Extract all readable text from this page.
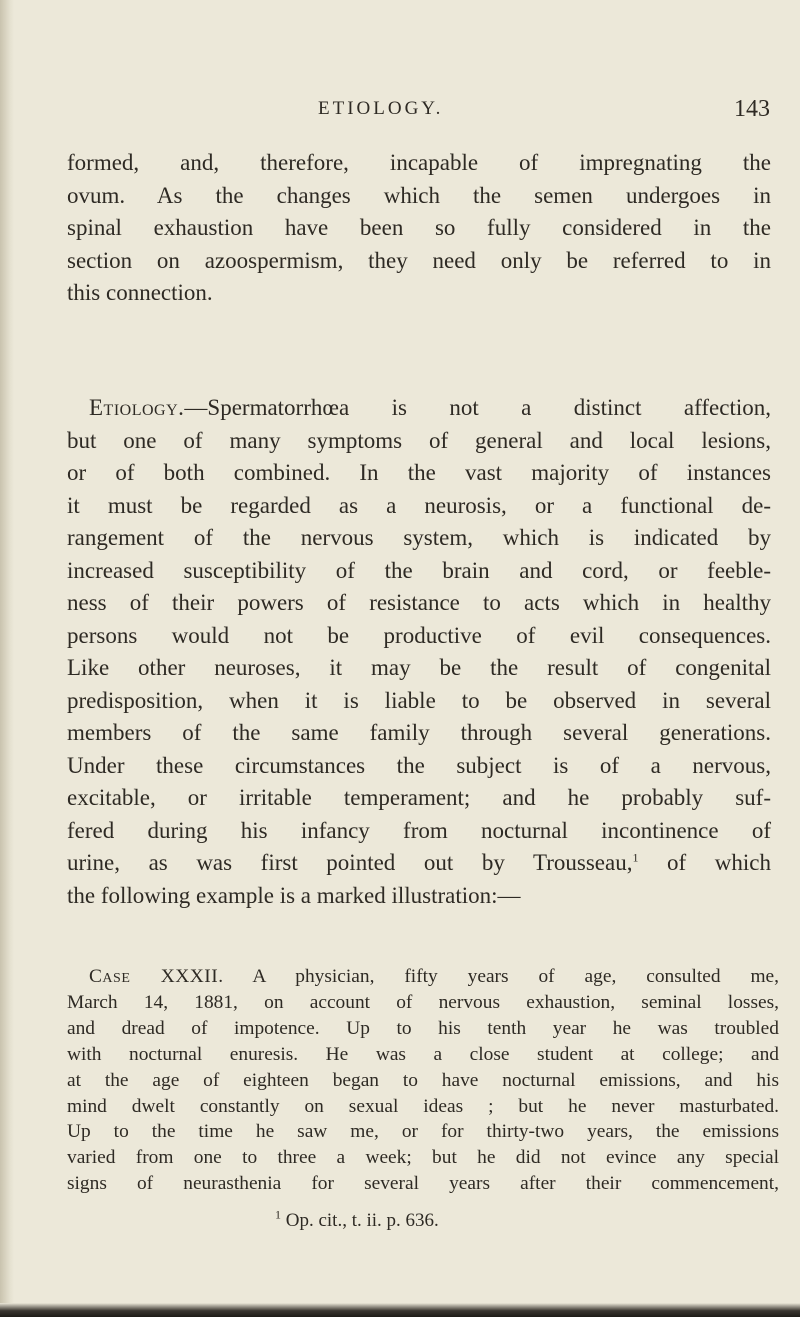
ETIOLOGY.	143

formed, and, therefore, incapable of impregnating the
ovum. As the changes which the semen undergoes in
spinal exhaustion have been so fully considered in the
section on azoospermism, they need only be referred to in
this connection.

Etiology.—Spermatorrhœa is not a distinct affection,
but one of many symptoms of general and local lesions,
or of both combined. In the vast majority of instances
it must be regarded as a neurosis, or a functional de-
rangement of the nervous system, which is indicated by
increased susceptibility of the brain and cord, or feeble-
ness of their powers of resistance to acts which in healthy
persons would not be productive of evil consequences.
Like other neuroses, it may be the result of congenital
predisposition, when it is liable to be observed in several
members of the same family through several generations.
Under these circumstances the subject is of a nervous,
excitable, or irritable temperament; and he probably suf-
fered during his infancy from nocturnal incontinence of
urine, as was first pointed out by Trousseau,$^1$ of which
the following example is a marked illustration:—

Case XXXII. A physician, fifty years of age, consulted me,
March 14, 1881, on account of nervous exhaustion, seminal losses,
and dread of impotence. Up to his tenth year he was troubled
with nocturnal enuresis. He was a close student at college; and
at the age of eighteen began to have nocturnal emissions, and his
mind dwelt constantly on sexual ideas ; but he never masturbated.
Up to the time he saw me, or for thirty-two years, the emissions
varied from one to three a week; but he did not evince any special
signs of neurasthenia for several years after their commencement,

$^1$ Op. cit., t. ii. p. 636.
